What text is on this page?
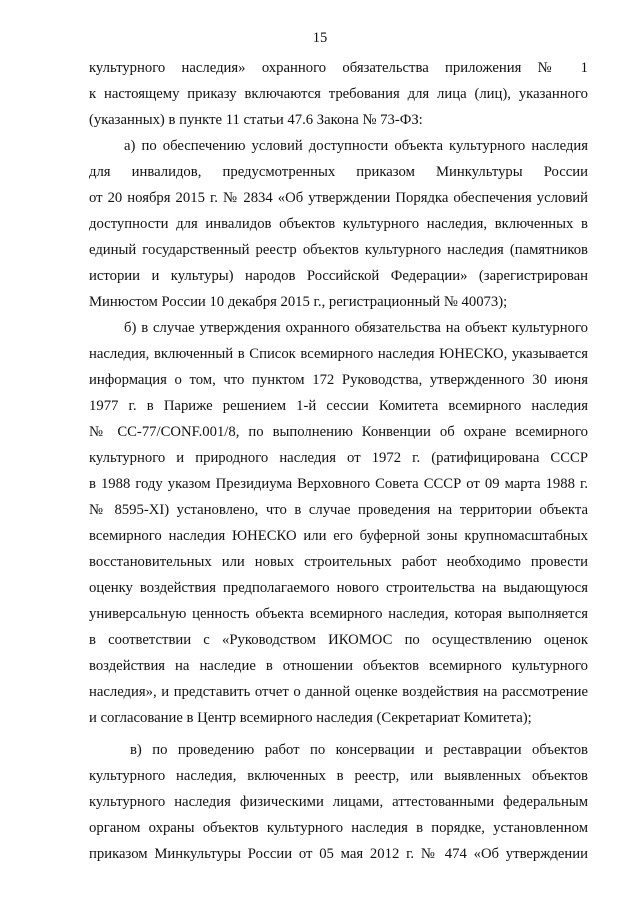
15
культурного наследия» охранного обязательства приложения № 1
к настоящему приказу включаются требования для лица (лиц), указанного
(указанных) в пункте 11 статьи 47.6 Закона № 73-ФЗ:
а) по обеспечению условий доступности объекта культурного наследия
для инвалидов, предусмотренных приказом Минкультуры России
от 20 ноября 2015 г. № 2834 «Об утверждении Порядка обеспечения условий
доступности для инвалидов объектов культурного наследия, включенных в
единый государственный реестр объектов культурного наследия (памятников
истории и культуры) народов Российской Федерации» (зарегистрирован
Минюстом России 10 декабря 2015 г., регистрационный № 40073);
б) в случае утверждения охранного обязательства на объект культурного
наследия, включенный в Список всемирного наследия ЮНЕСКО, указывается
информация о том, что пунктом 172 Руководства, утвержденного 30 июня
1977 г. в Париже решением 1-й сессии Комитета всемирного наследия
№ СС-77/CONF.001/8, по выполнению Конвенции об охране всемирного
культурного и природного наследия от 1972 г. (ратифицирована СССР
в 1988 году указом Президиума Верховного Совета СССР от 09 марта 1988 г.
№ 8595-XI) установлено, что в случае проведения на территории объекта
всемирного наследия ЮНЕСКО или его буферной зоны крупномасштабных
восстановительных или новых строительных работ необходимо провести
оценку воздействия предполагаемого нового строительства на выдающуюся
универсальную ценность объекта всемирного наследия, которая выполняется
в соответствии с «Руководством ИКОМОС по осуществлению оценок
воздействия на наследие в отношении объектов всемирного культурного
наследия», и представить отчет о данной оценке воздействия на рассмотрение
и согласование в Центр всемирного наследия (Секретариат Комитета);
в) по проведению работ по консервации и реставрации объектов
культурного наследия, включенных в реестр, или выявленных объектов
культурного наследия физическими лицами, аттестованными федеральным
органом охраны объектов культурного наследия в порядке, установленном
приказом Минкультуры России от 05 мая 2012 г. № 474 «Об утверждении
